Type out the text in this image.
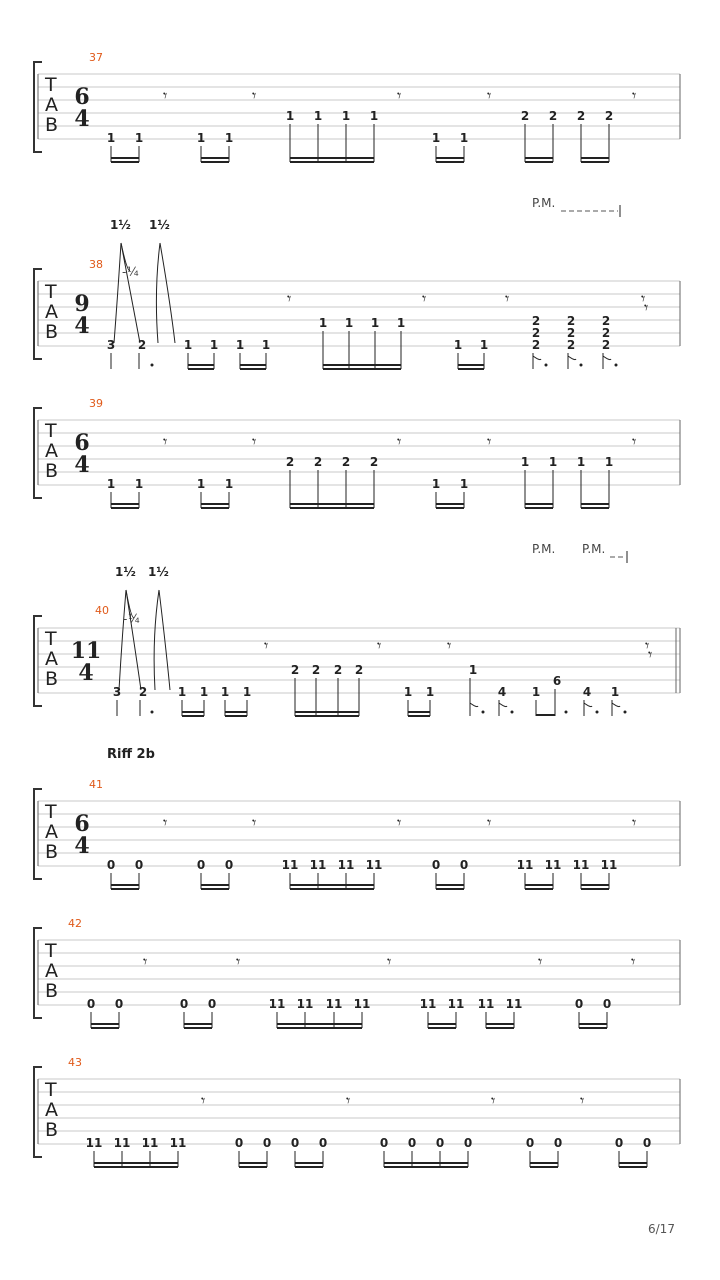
37
T
A
B
6
4
𝄾	𝄾	𝄾	𝄾	𝄾
1 1	1 1
1 1 1 1
1 1
2 2 2 2
P.M.
38
T
A
B
9
4
1½ 1½
- ¼
𝄾	𝄾	𝄾	𝄾
𝄾
3 2	1 1 1 1
1 1 1 1
1 1
2
2
2
2
2
2
2
2
2
39
T
A
B
6
4
𝄾	𝄾	𝄾	𝄾	𝄾
1 1	1 1
2 2 2 2
1 1
1 1 1 1
P.M. P.M.
40
T
A
B
11
4
1½ 1½
- ¼
𝄾	𝄾	𝄾	𝄾
𝄾
3 2	1 1 1 1
2 2 2 2
1 1
1
4 1
6
4 1
41
T
A
B
6
4
𝄾	𝄾	𝄾	𝄾	𝄾
0 0	0 0	11 11 11 11	0 0	11 11 11 11
42
T
A
B
𝄾	𝄾	𝄾	𝄾	𝄾
0 0	0 0	11 11 11 11	11 11 11 11	0 0
43
T
A
B
𝄾	𝄾	𝄾	𝄾
11 11 11 11	0 0 0 0	0 0 0 0	0 0	0 0
Riff 2b
6/17
